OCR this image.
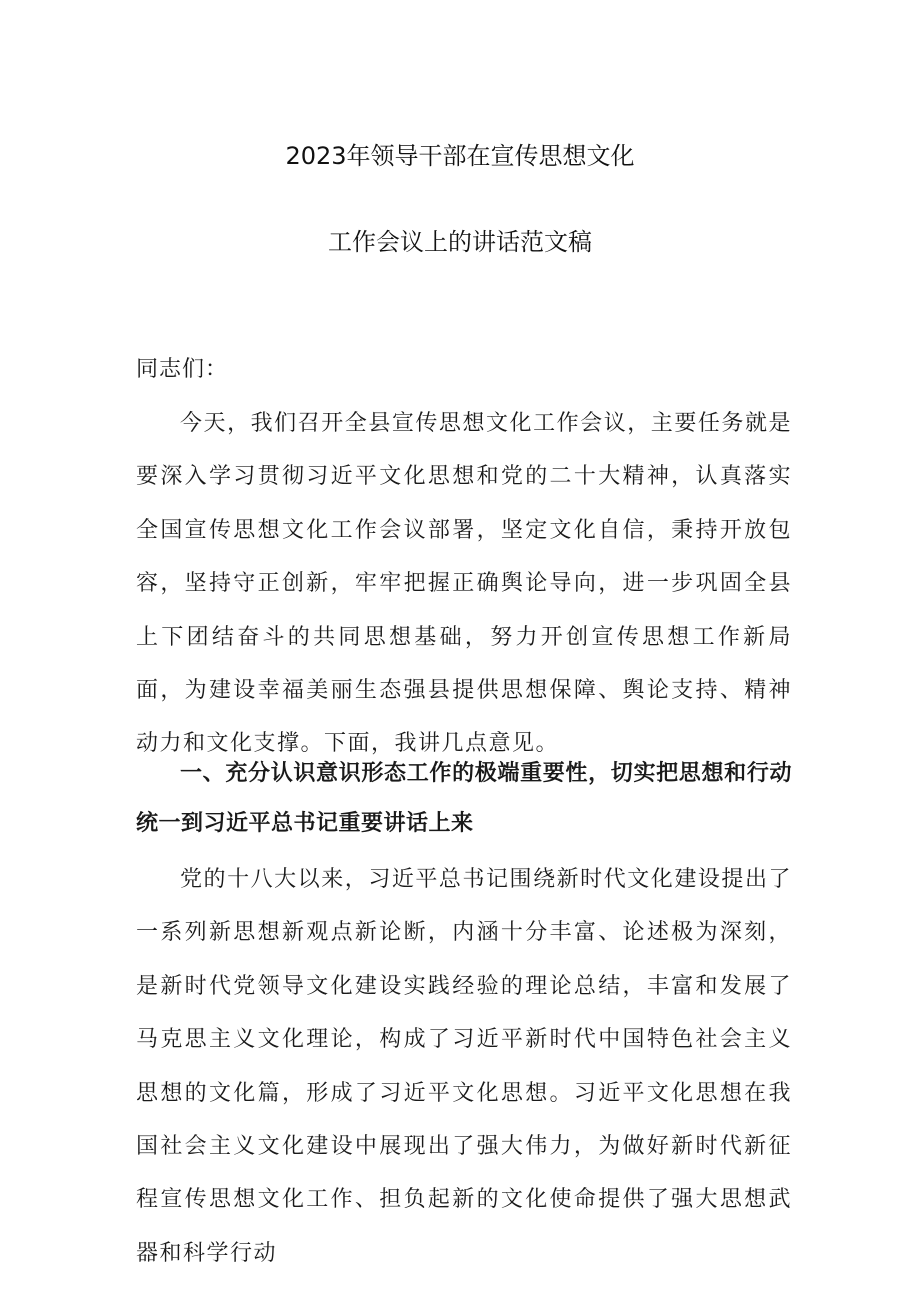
2023年领导干部在宣传思想文化
工作会议上的讲话范文稿
同志们：
今天，我们召开全县宣传思想文化工作会议，主要任务就是要深入学习贯彻习近平文化思想和党的二十大精神，认真落实全国宣传思想文化工作会议部署，坚定文化自信，秉持开放包容，坚持守正创新，牢牢把握正确舆论导向，进一步巩固全县上下团结奋斗的共同思想基础，努力开创宣传思想工作新局面，为建设幸福美丽生态强县提供思想保障、舆论支持、精神动力和文化支撑。下面，我讲几点意见。
一、充分认识意识形态工作的极端重要性，切实把思想和行动统一到习近平总书记重要讲话上来
党的十八大以来，习近平总书记围绕新时代文化建设提出了一系列新思想新观点新论断，内涵十分丰富、论述极为深刻，是新时代党领导文化建设实践经验的理论总结，丰富和发展了马克思主义文化理论，构成了习近平新时代中国特色社会主义思想的文化篇，形成了习近平文化思想。习近平文化思想在我国社会主义文化建设中展现出了强大伟力，为做好新时代新征程宣传思想文化工作、担负起新的文化使命提供了强大思想武器和科学行动
